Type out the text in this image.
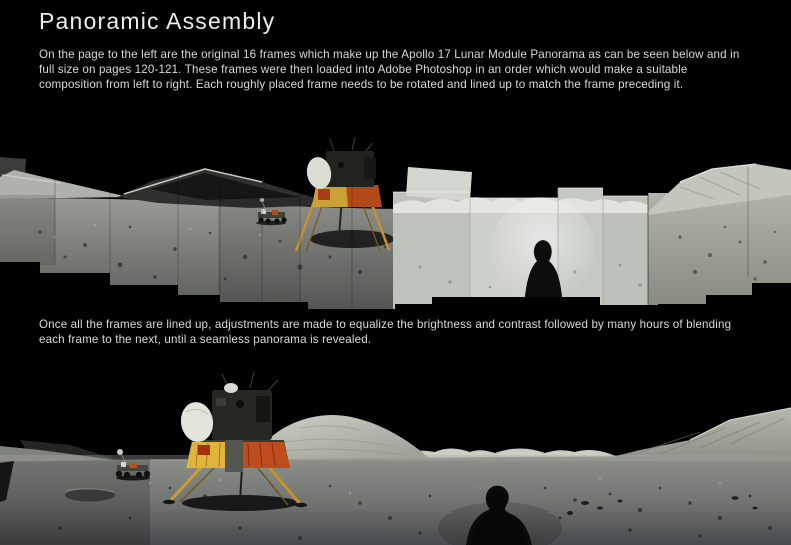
Panoramic Assembly

On the page to the left are the original 16 frames which make up the Apollo 17 Lunar Module Panorama as can be seen below and in full size on pages 120-121. These frames were then loaded into Adobe Photoshop in an order which would make a suitable composition from left to right. Each roughly placed frame needs to be rotated and lined up to match the frame preceding it.

Once all the frames are lined up, adjustments are made to equalize the brightness and contrast followed by many hours of blending each frame to the next, until a seamless panorama is revealed.
